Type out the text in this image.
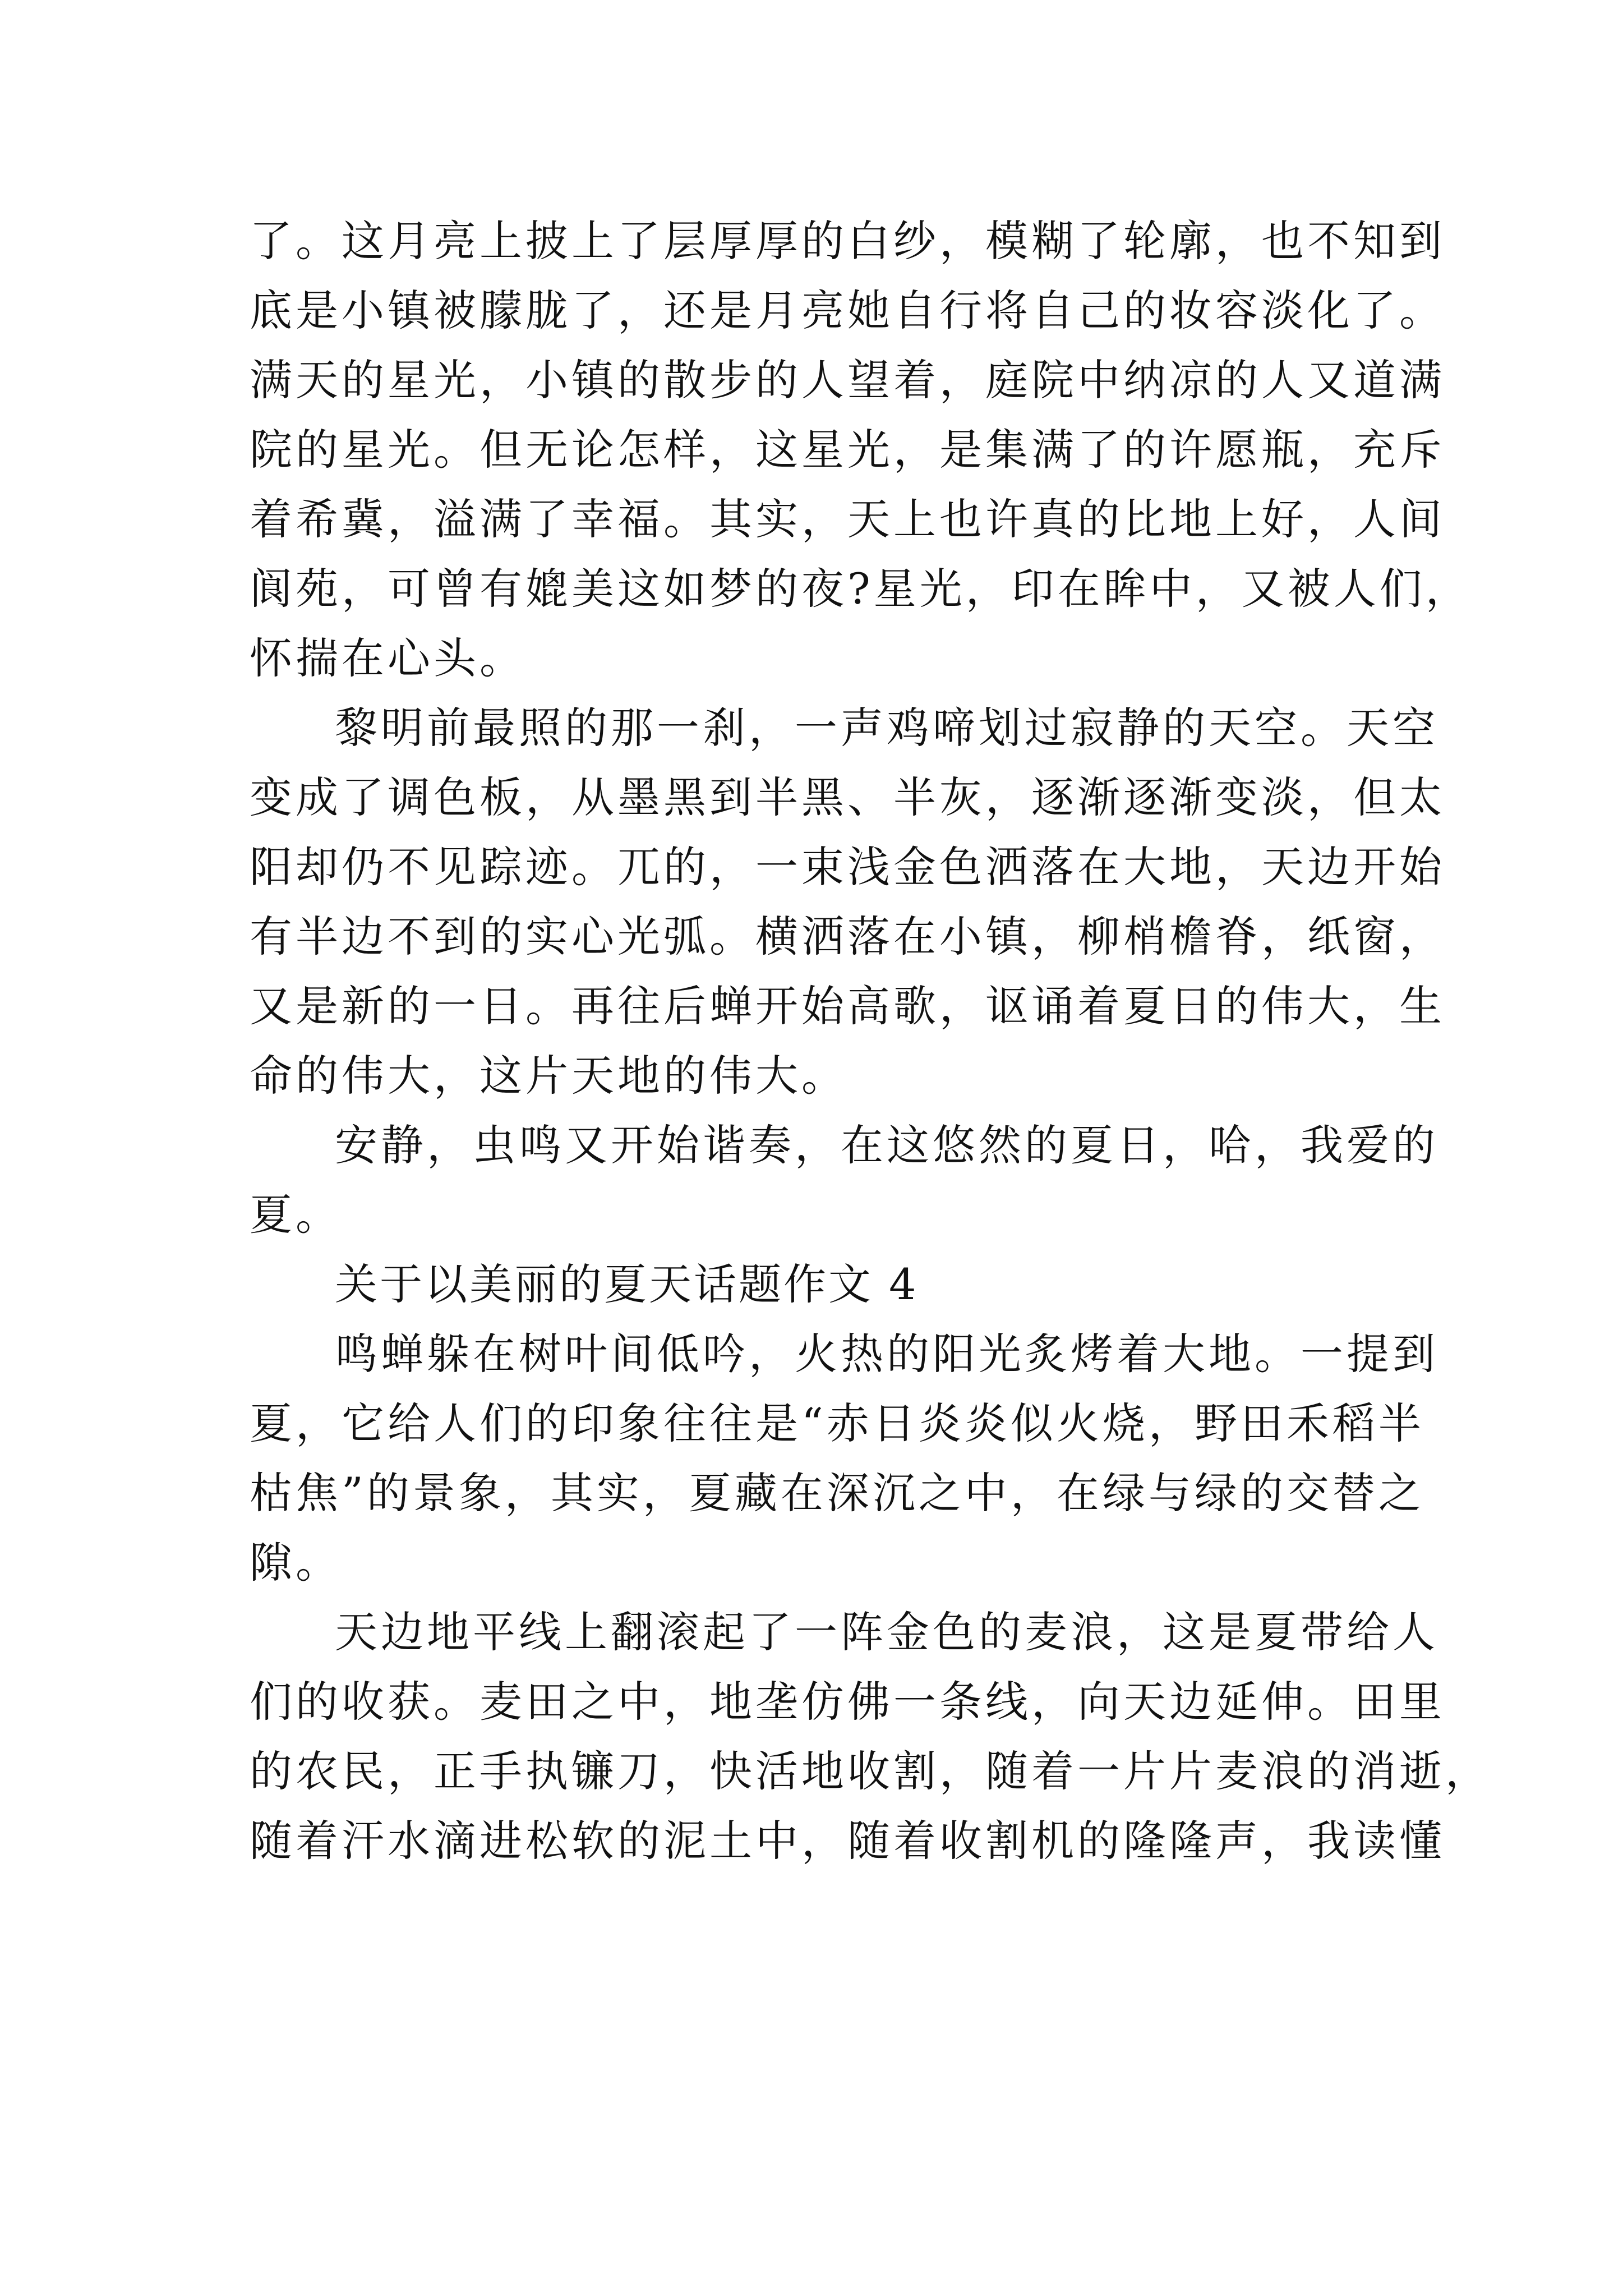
了。这月亮上披上了层厚厚的白纱，模糊了轮廓，也不知到
底是小镇被朦胧了，还是月亮她自行将自己的妆容淡化了。
满天的星光，小镇的散步的人望着，庭院中纳凉的人又道满
院的星光。但无论怎样，这星光，是集满了的许愿瓶，充斥
着希冀，溢满了幸福。其实，天上也许真的比地上好，人间
阆苑，可曾有媲美这如梦的夜?星光，印在眸中，又被人们，
怀揣在心头。
黎明前最照的那一刹，一声鸡啼划过寂静的天空。天空
变成了调色板，从墨黑到半黑、半灰，逐渐逐渐变淡，但太
阳却仍不见踪迹。兀的，一束浅金色洒落在大地，天边开始
有半边不到的实心光弧。横洒落在小镇，柳梢檐脊，纸窗，
又是新的一日。再往后蝉开始高歌，讴诵着夏日的伟大，生
命的伟大，这片天地的伟大。
安静，虫鸣又开始谐奏，在这悠然的夏日，哈，我爱的
夏。
关于以美丽的夏天话题作文 4
鸣蝉躲在树叶间低吟，火热的阳光炙烤着大地。一提到
夏，它给人们的印象往往是“赤日炎炎似火烧，野田禾稻半
枯焦”的景象，其实，夏藏在深沉之中，在绿与绿的交替之
隙。
天边地平线上翻滚起了一阵金色的麦浪，这是夏带给人
们的收获。麦田之中，地垄仿佛一条线，向天边延伸。田里
的农民，正手执镰刀，快活地收割，随着一片片麦浪的消逝，
随着汗水滴进松软的泥土中，随着收割机的隆隆声，我读懂
